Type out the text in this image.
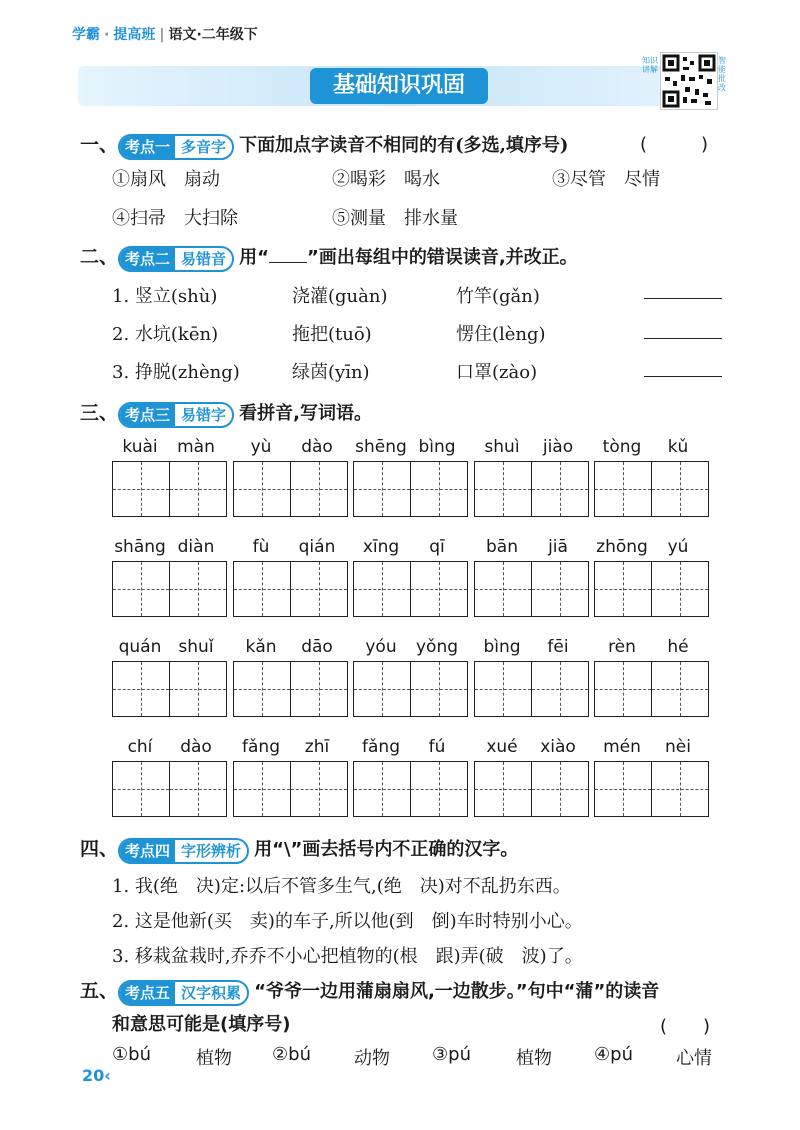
学霸 · 提高班 | 语文·二年级下
基础知识巩固
知识讲解
智能批改
一、 考点一 多音字 下面加点字读音不相同的有(多选,填序号)	(　　　)
①扇风　扇动	②喝彩　喝水	③尽管　尽情
④扫帚　大扫除	⑤测量　排水量
二、 考点二 易错音 用“ ”画出每组中的错误读音,并改正。
1. 竖立(shù)	浇灌(guàn)	竹竿(gǎn)
2. 水坑(kēn)	拖把(tuō)	愣住(lèng)
3. 挣脱(zhèng)	绿茵(yīn)	口罩(zào)
三、 考点三 易错字 看拼音,写词语。
kuài	màn	yù	dào	shēng bìng	shuì	jiào	tòng	kǔ
shāng diàn	fù	qián	xīng	qī	bān	jiā	zhōng	yú
quán	shuǐ	kǎn	dāo	yóu	yǒng	bìng	fēi	rèn	hé
chí	dào	fǎng	zhī	fǎng	fú	xué	xiào	mén	nèi
四、 考点四 字形辨析 用“\”画去括号内不正确的汉字。
1. 我(绝　决)定:以后不管多生气,(绝　决)对不乱扔东西。
2. 这是他新(买　卖)的车子,所以他(到　倒)车时特别小心。
3. 移栽盆栽时,乔乔不小心把植物的(根　跟)弄(破　波)了。
五、 考点五 汉字积累 “爷爷一边用蒲扇扇风,一边散步。”句中“蒲”的读音
和意思可能是(填序号)	(　　)
①bú	植物 ②bú 动物 ③pú	植物 ④pú 心情
20‹
